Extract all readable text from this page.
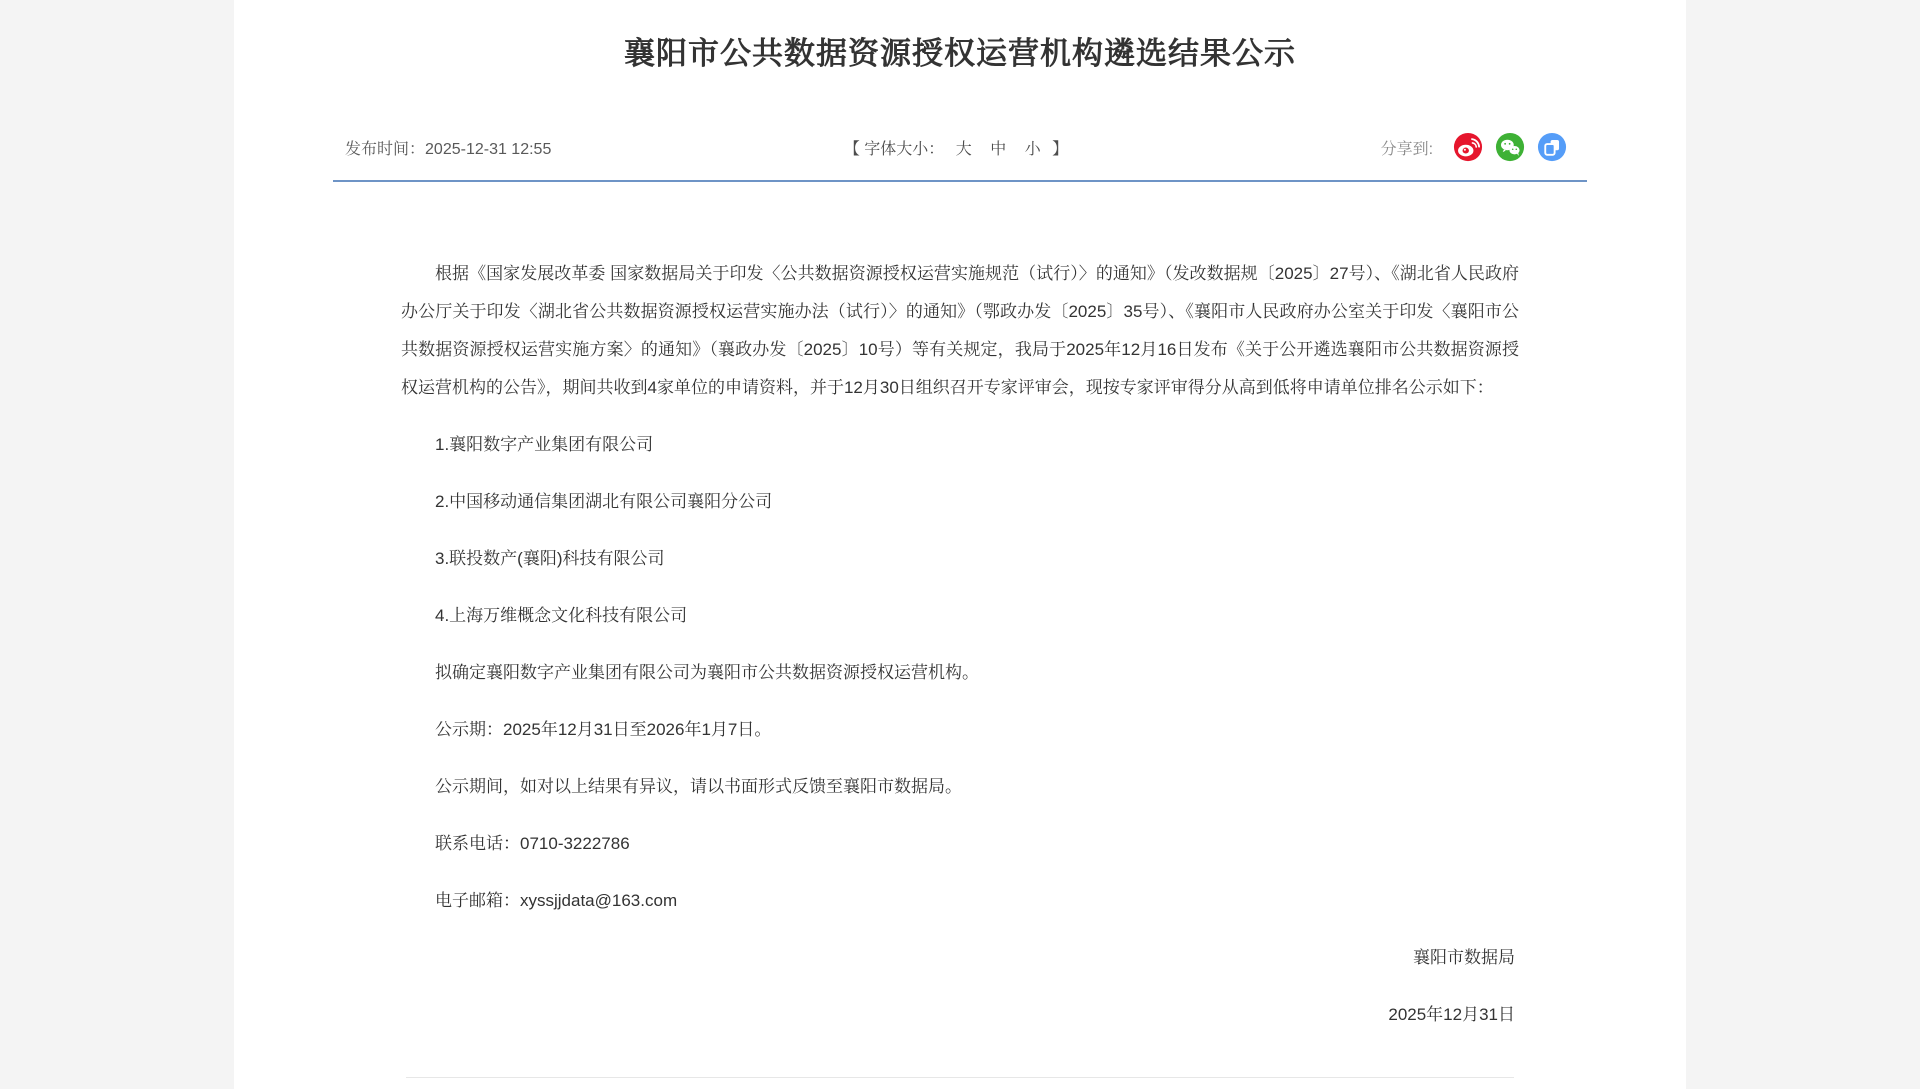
襄阳市公共数据资源授权运营机构遴选结果公示
发布时间：2025-12-31 12:55	【 字体大小： 大 中 小 】	分享到:

根据《国家发展改革委 国家数据局关于印发〈公共数据资源授权运营实施规范（试行）〉的通知》（发改数据规〔2025〕27号）、《湖北省人民政府办公厅关于印发〈湖北省公共数据资源授权运营实施办法（试行）〉的通知》（鄂政办发〔2025〕35号）、《襄阳市人民政府办公室关于印发〈襄阳市公共数据资源授权运营实施方案〉的通知》（襄政办发〔2025〕10号）等有关规定，我局于2025年12月16日发布《关于公开遴选襄阳市公共数据资源授权运营机构的公告》，期间共收到4家单位的申请资料，并于12月30日组织召开专家评审会，现按专家评审得分从高到低将申请单位排名公示如下：

1.襄阳数字产业集团有限公司

2.中国移动通信集团湖北有限公司襄阳分公司

3.联投数产(襄阳)科技有限公司

4.上海万维概念文化科技有限公司

拟确定襄阳数字产业集团有限公司为襄阳市公共数据资源授权运营机构。

公示期：2025年12月31日至2026年1月7日。

公示期间，如对以上结果有异议，请以书面形式反馈至襄阳市数据局。

联系电话：0710-3222786

电子邮箱：xyssjjdata@163.com

襄阳市数据局

2025年12月31日
